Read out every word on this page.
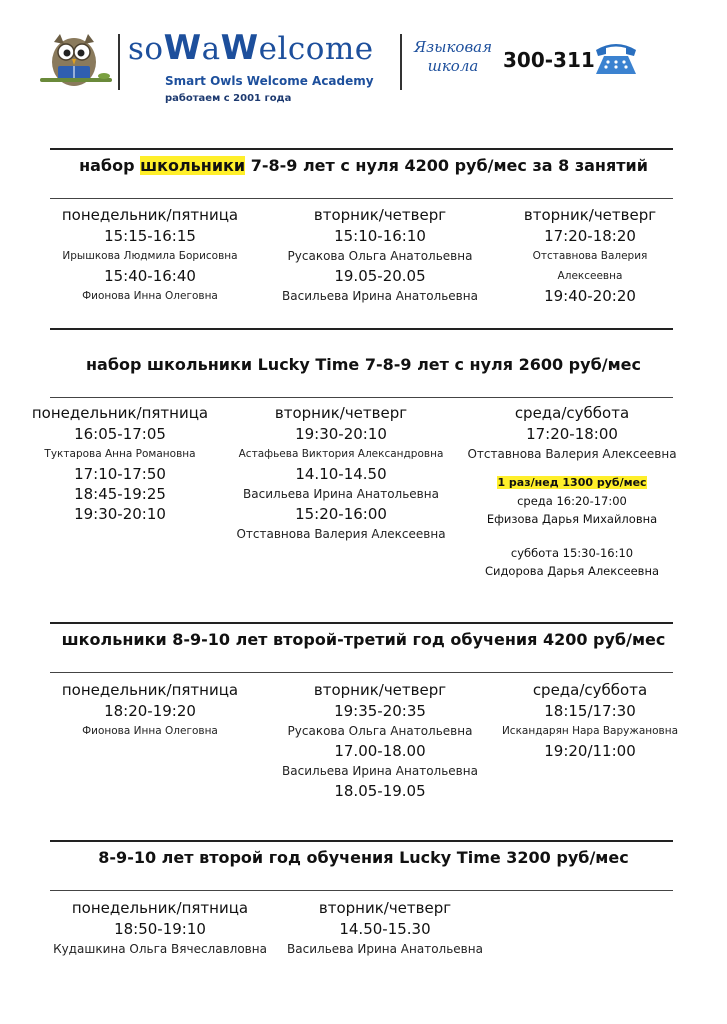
soWaWelcome
Smart Owls Welcome Academy
работаем с 2001 года
Языковая
школа	300-311
набор школьники 7-8-9 лет с нуля 4200 руб/мес за 8 занятий
понедельник/пятница
15:15-16:15
Ирышкова Людмила Борисовна
15:40-16:40
Фионова Инна Олеговна
вторник/четверг
15:10-16:10
Русакова Ольга Анатольевна
19.05-20.05
Васильева Ирина Анатольевна
вторник/четверг
17:20-18:20
Отставнова Валерия
Алексеевна
19:40-20:20
набор школьники Lucky Time 7-8-9 лет с нуля 2600 руб/мес
понедельник/пятница
16:05-17:05
Туктарова Анна Романовна
17:10-17:50
18:45-19:25
19:30-20:10
вторник/четверг
19:30-20:10
Астафьева Виктория Александровна
14.10-14.50
Васильева Ирина Анатольевна
15:20-16:00
Отставнова Валерия Алексеевна
среда/суббота
17:20-18:00
Отставнова Валерия Алексеевна
1 раз/нед 1300 руб/мес
среда 16:20-17:00
Ефизова Дарья Михайловна
суббота 15:30-16:10
Сидорова Дарья Алексеевна
школьники 8-9-10 лет второй-третий год обучения 4200 руб/мес
понедельник/пятница
18:20-19:20
Фионова Инна Олеговна
вторник/четверг
19:35-20:35
Русакова Ольга Анатольевна
17.00-18.00
Васильева Ирина Анатольевна
18.05-19.05
среда/суббота
18:15/17:30
Искандарян Нара Варужановна
19:20/11:00
8-9-10 лет второй год обучения Lucky Time 3200 руб/мес
понедельник/пятница
18:50-19:10
Кудашкина Ольга Вячеславловна
вторник/четверг
14.50-15.30
Васильева Ирина Анатольевна
